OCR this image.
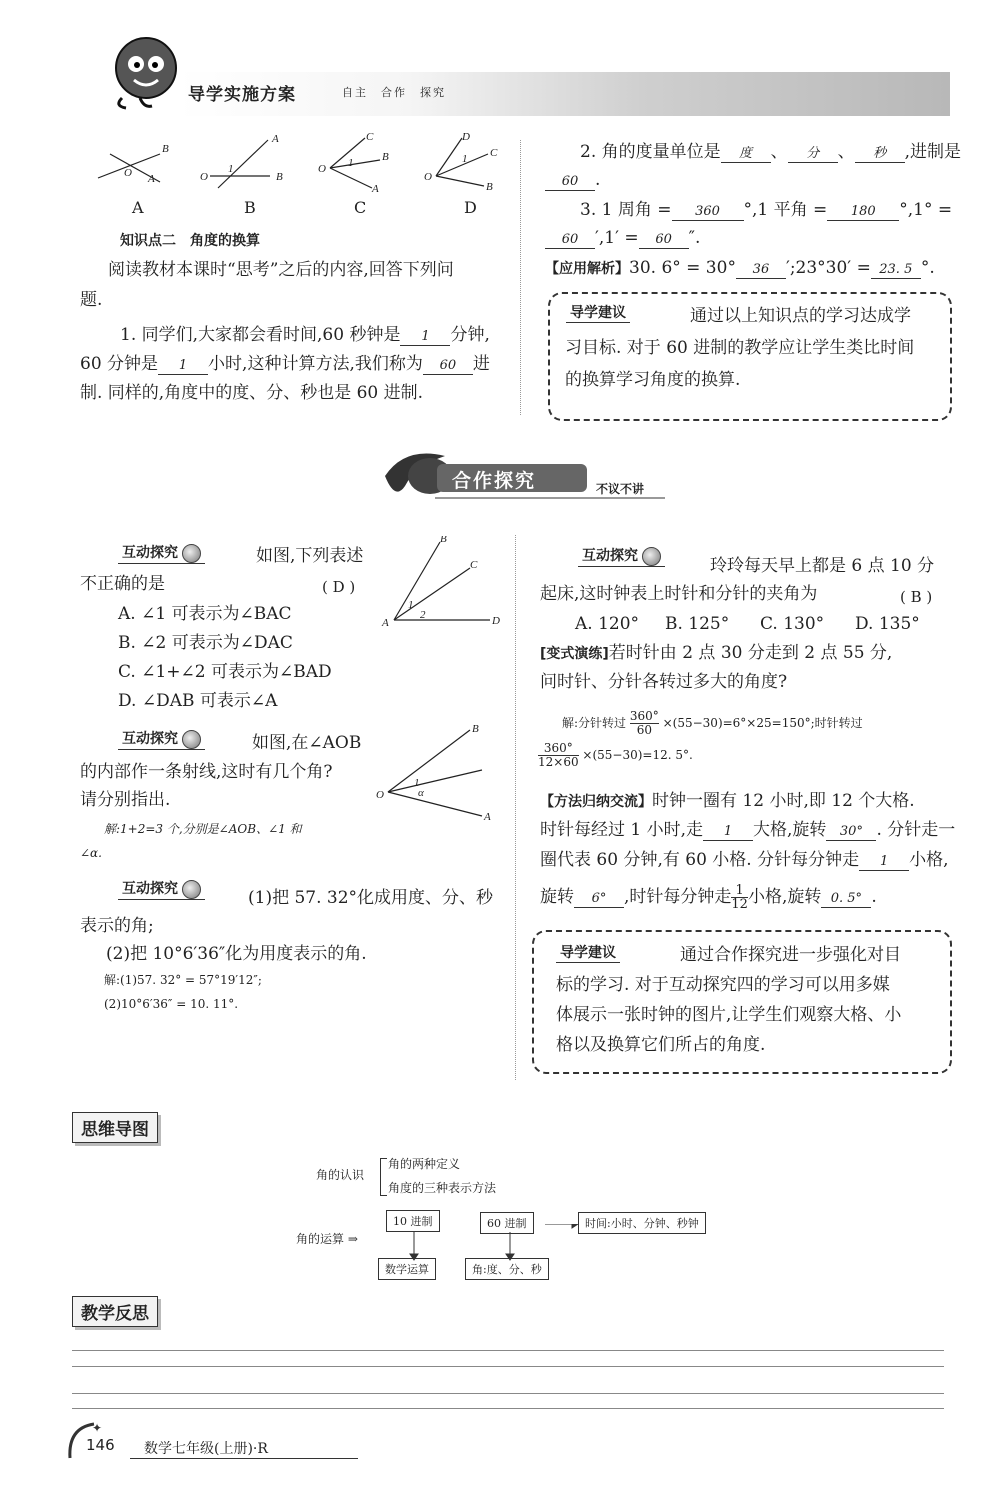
导学实施方案	自主　合作　探究
O A
B
O
1
A
B
O 1
C
B
A
O
1
D
C
B
A	B	C	D
知识点二　角度的换算
阅读教材本课时“思考”之后的内容,回答下列问
题.
1. 同学们,大家都会看时间,60 秒钟是 1 分钟,
60 分钟是 1 小时,这种计算方法,我们称为 60 进
制. 同样的,角度中的度、分、秒也是 60 进制.
2. 角的度量单位是 度 、 分 、 秒 ,进制是
60 .
3. 1 周角 = 360 °,1 平角 = 180 °,1° =
60 ′,1′ = 60 ″.
【应用解析】30. 6° = 30° 36 ′;23°30′ = 23. 5 °.
导学建议	通过以上知识点的学习达成学
习目标. 对于 60 进制的教学应让学生类比时间
的换算学习角度的换算.
合作探究	不议不讲
互动探究	如图,下列表述
不正确的是	( D )
A. ∠1 可表示为∠BAC
B. ∠2 可表示为∠DAC
C. ∠1+∠2 可表示为∠BAD
D. ∠DAB 可表示∠A
A	D
B
C
1
2
互动探究	如图,在∠AOB
的内部作一条射线,这时有几个角?
请分别指出.
解:1+2=3 个,分别是∠AOB、∠1 和
∠α.
O
B
A
1
α
互动探究	(1)把 57. 32°化成用度、分、秒
表示的角;
(2)把 10°6′36″化为用度表示的角.
解:(1)57. 32° = 57°19′12″;
(2)10°6′36″ = 10. 11°.
互动探究	玲玲每天早上都是 6 点 10 分
起床,这时钟表上时针和分针的夹角为	( B )
A. 120° B. 125° C. 130° D. 135°
[变式演练]若时针由 2 点 30 分走到 2 点 55 分,
问时针、分针各转过多大的角度?
解:分针转过 $\frac{360^\circ}{60} \times(55-30)=6^\circ\times 25=150^\circ$;时针转过
$\frac{360^\circ}{12\times 60} \times(55-30)=12$. 5°.
【方法归纳交流】时钟一圈有 12 小时,即 12 个大格.
时针每经过 1 小时,走 1 大格,旋转 30° . 分针走一
圈代表 60 分钟,有 60 小格. 分针每分钟走 1 小格,
旋转 6° ,时针每分钟走 $\frac{1}{12}$ 小格,旋转 0. 5° .
导学建议	通过合作探究进一步强化对目
标的学习. 对于互动探究四的学习可以用多媒
体展示一张时钟的图片,让学生们观察大格、小
格以及换算它们所占的角度.
思维导图
角的认识
角的两种定义
角度的三种表示方法
角的运算 ⇒
10 进制	60 进制	时间:小时、分钟、秒钟
数学运算	角:度、分、秒
教学反思
✦
146 数学七年级(上册)·R
